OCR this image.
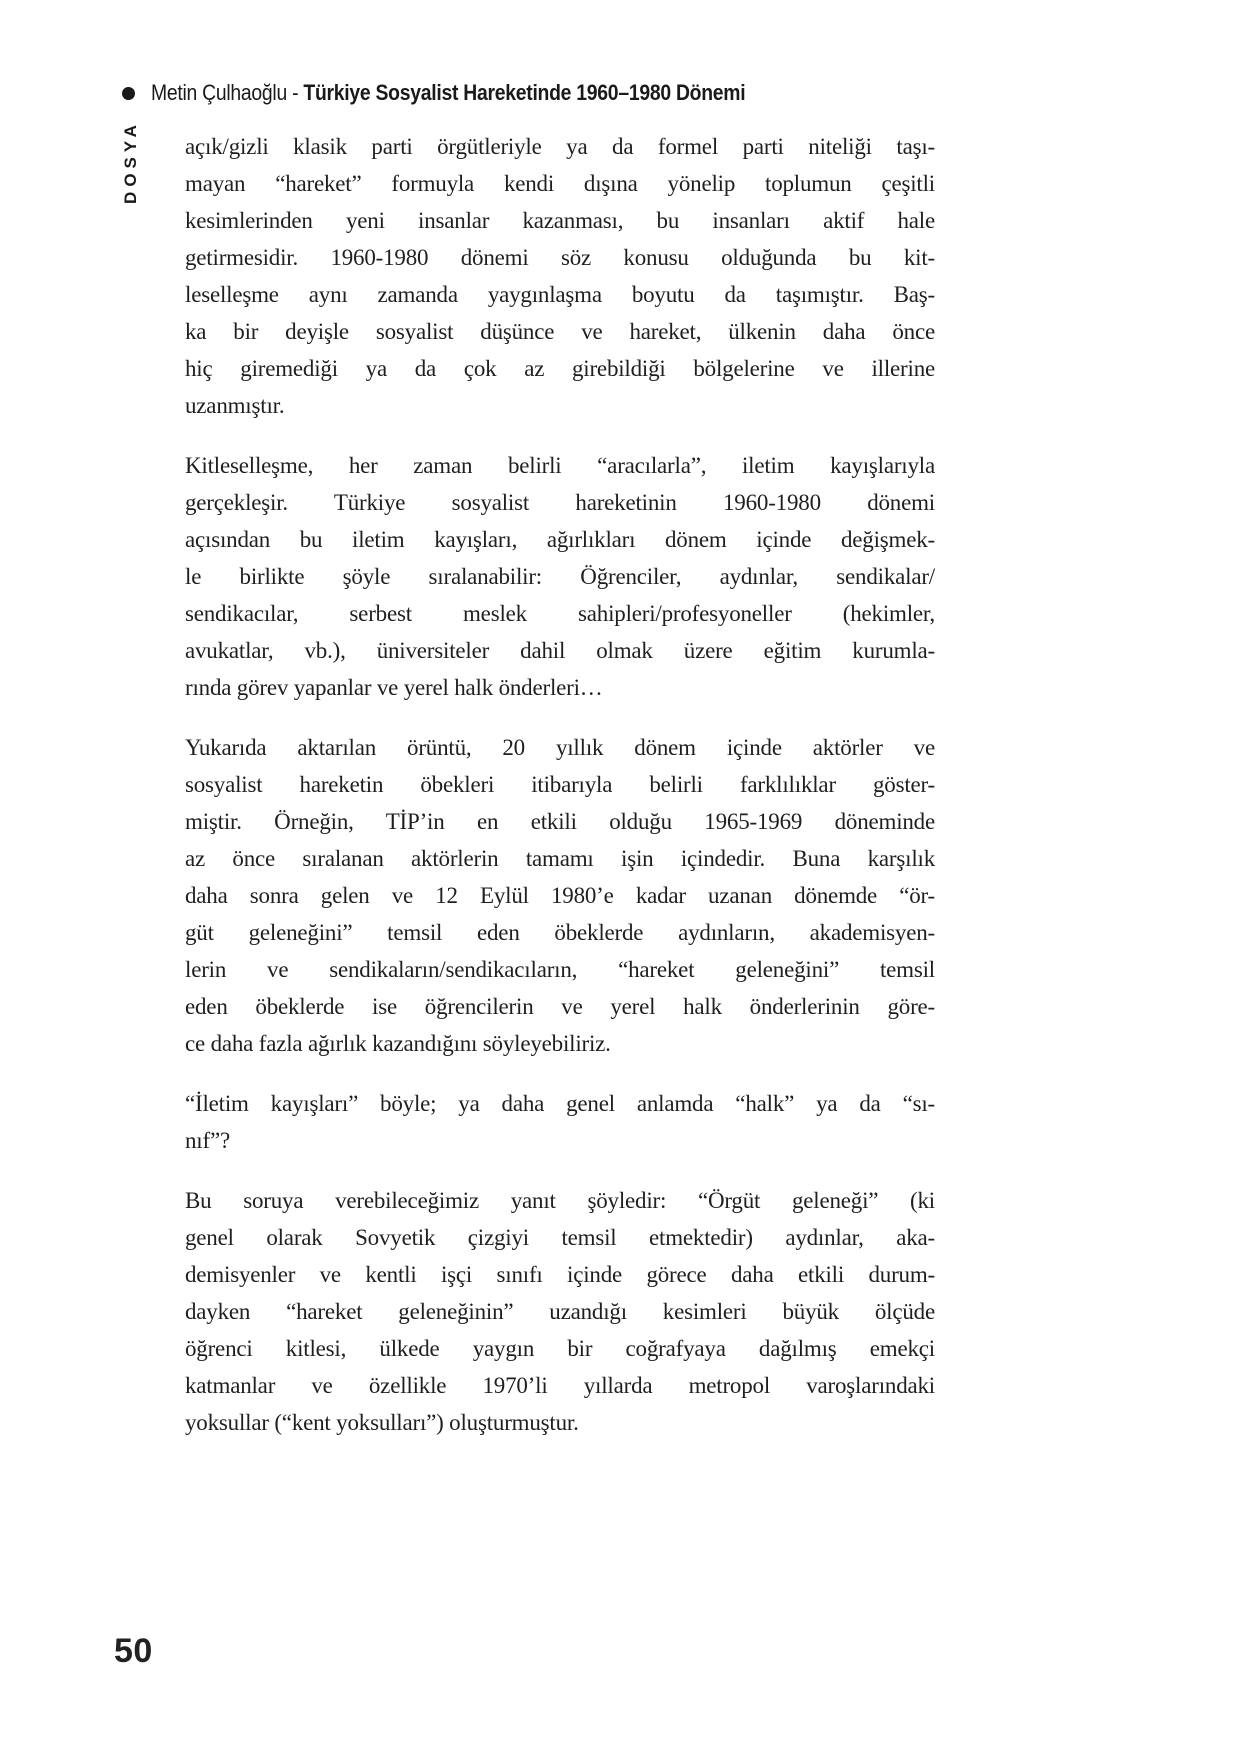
Metin Çulhaoğlu - Türkiye Sosyalist Hareketinde 1960–1980 Dönemi
DOSYA açık/gizli klasik parti örgütleriyle ya da formel parti niteliği taşı-
mayan “hareket” formuyla kendi dışına yönelip toplumun çeşitli
kesimlerinden yeni insanlar kazanması, bu insanları aktif hale
getirmesidir. 1960-1980 dönemi söz konusu olduğunda bu kit-
leselleşme aynı zamanda yaygınlaşma boyutu da taşımıştır. Baş-
ka bir deyişle sosyalist düşünce ve hareket, ülkenin daha önce
hiç giremediği ya da çok az girebildiği bölgelerine ve illerine
uzanmıştır.
Kitleselleşme, her zaman belirli “aracılarla”, iletim kayışlarıyla
gerçekleşir. Türkiye sosyalist hareketinin 1960-1980 dönemi
açısından bu iletim kayışları, ağırlıkları dönem içinde değişmek-
le birlikte şöyle sıralanabilir: Öğrenciler, aydınlar, sendikalar/
sendikacılar, serbest meslek sahipleri/profesyoneller (hekimler,
avukatlar, vb.), üniversiteler dahil olmak üzere eğitim kurumla-
rında görev yapanlar ve yerel halk önderleri…
Yukarıda aktarılan örüntü, 20 yıllık dönem içinde aktörler ve
sosyalist hareketin öbekleri itibarıyla belirli farklılıklar göster-
miştir. Örneğin, TİP’in en etkili olduğu 1965-1969 döneminde
az önce sıralanan aktörlerin tamamı işin içindedir. Buna karşılık
daha sonra gelen ve 12 Eylül 1980’e kadar uzanan dönemde “ör-
güt geleneğini” temsil eden öbeklerde aydınların, akademisyen-
lerin ve sendikaların/sendikacıların, “hareket geleneğini” temsil
eden öbeklerde ise öğrencilerin ve yerel halk önderlerinin göre-
ce daha fazla ağırlık kazandığını söyleyebiliriz.
“İletim kayışları” böyle; ya daha genel anlamda “halk” ya da “sı-
nıf”?
Bu soruya verebileceğimiz yanıt şöyledir: “Örgüt geleneği” (ki
genel olarak Sovyetik çizgiyi temsil etmektedir) aydınlar, aka-
demisyenler ve kentli işçi sınıfı içinde görece daha etkili durum-
dayken “hareket geleneğinin” uzandığı kesimleri büyük ölçüde
öğrenci kitlesi, ülkede yaygın bir coğrafyaya dağılmış emekçi
katmanlar ve özellikle 1970’li yıllarda metropol varoşlarındaki
yoksullar (“kent yoksulları”) oluşturmuştur.
50
